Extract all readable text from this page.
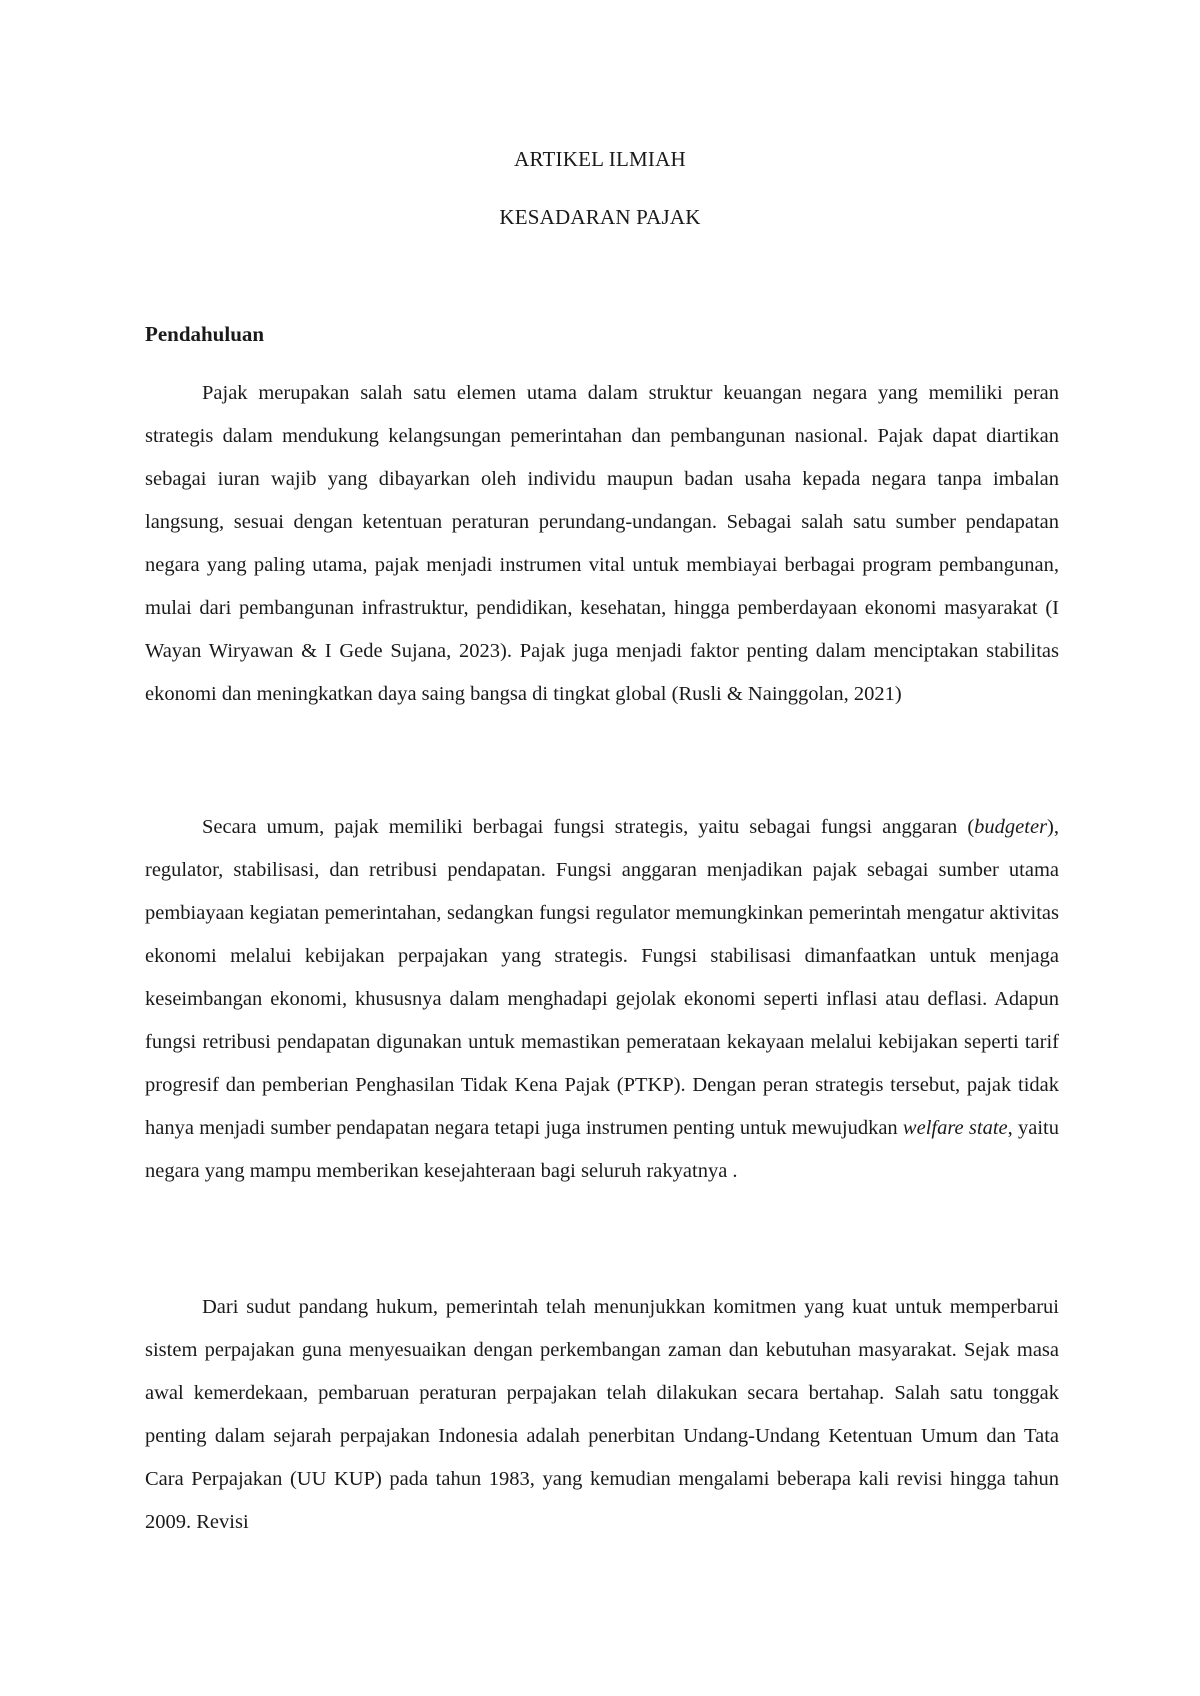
ARTIKEL ILMIAH
KESADARAN PAJAK
Pendahuluan

Pajak merupakan salah satu elemen utama dalam struktur keuangan negara yang memiliki peran strategis dalam mendukung kelangsungan pemerintahan dan pembangunan nasional. Pajak dapat diartikan sebagai iuran wajib yang dibayarkan oleh individu maupun badan usaha kepada negara tanpa imbalan langsung, sesuai dengan ketentuan peraturan perundang-undangan. Sebagai salah satu sumber pendapatan negara yang paling utama, pajak menjadi instrumen vital untuk membiayai berbagai program pembangunan, mulai dari pembangunan infrastruktur, pendidikan, kesehatan, hingga pemberdayaan ekonomi masyarakat (I Wayan Wiryawan & I Gede Sujana, 2023). Pajak juga menjadi faktor penting dalam menciptakan stabilitas ekonomi dan meningkatkan daya saing bangsa di tingkat global (Rusli & Nainggolan, 2021)

Secara umum, pajak memiliki berbagai fungsi strategis, yaitu sebagai fungsi anggaran (budgeter), regulator, stabilisasi, dan retribusi pendapatan. Fungsi anggaran menjadikan pajak sebagai sumber utama pembiayaan kegiatan pemerintahan, sedangkan fungsi regulator memungkinkan pemerintah mengatur aktivitas ekonomi melalui kebijakan perpajakan yang strategis. Fungsi stabilisasi dimanfaatkan untuk menjaga keseimbangan ekonomi, khususnya dalam menghadapi gejolak ekonomi seperti inflasi atau deflasi. Adapun fungsi retribusi pendapatan digunakan untuk memastikan pemerataan kekayaan melalui kebijakan seperti tarif progresif dan pemberian Penghasilan Tidak Kena Pajak (PTKP). Dengan peran strategis tersebut, pajak tidak hanya menjadi sumber pendapatan negara tetapi juga instrumen penting untuk mewujudkan welfare state, yaitu negara yang mampu memberikan kesejahteraan bagi seluruh rakyatnya .

Dari sudut pandang hukum, pemerintah telah menunjukkan komitmen yang kuat untuk memperbarui sistem perpajakan guna menyesuaikan dengan perkembangan zaman dan kebutuhan masyarakat. Sejak masa awal kemerdekaan, pembaruan peraturan perpajakan telah dilakukan secara bertahap. Salah satu tonggak penting dalam sejarah perpajakan Indonesia adalah penerbitan Undang-Undang Ketentuan Umum dan Tata Cara Perpajakan (UU KUP) pada tahun 1983, yang kemudian mengalami beberapa kali revisi hingga tahun 2009. Revisi
